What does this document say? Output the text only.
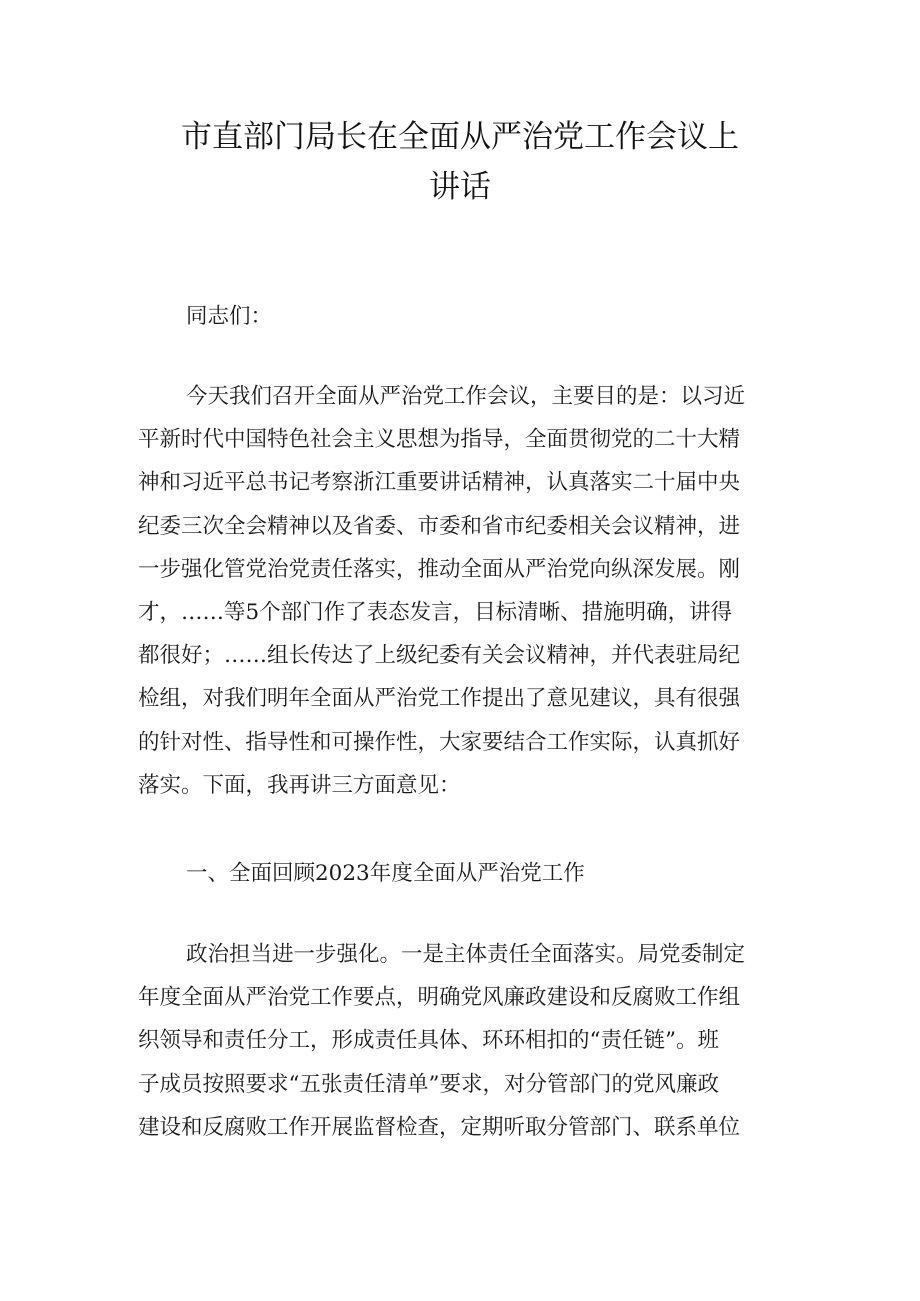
市直部门局长在全面从严治党工作会议上
讲话

同志们：

今天我们召开全面从严治党工作会议，主要目的是：以习近
平新时代中国特色社会主义思想为指导，全面贯彻党的二十大精
神和习近平总书记考察浙江重要讲话精神，认真落实二十届中央
纪委三次全会精神以及省委、市委和省市纪委相关会议精神，进
一步强化管党治党责任落实，推动全面从严治党向纵深发展。刚
才，……等5个部门作了表态发言，目标清晰、措施明确，讲得
都很好；……组长传达了上级纪委有关会议精神，并代表驻局纪
检组，对我们明年全面从严治党工作提出了意见建议，具有很强
的针对性、指导性和可操作性，大家要结合工作实际，认真抓好
落实。下面，我再讲三方面意见：

一、全面回顾2023年度全面从严治党工作

政治担当进一步强化。一是主体责任全面落实。局党委制定
年度全面从严治党工作要点，明确党风廉政建设和反腐败工作组
织领导和责任分工，形成责任具体、环环相扣的“责任链”。班
子成员按照要求“五张责任清单”要求，对分管部门的党风廉政
建设和反腐败工作开展监督检查，定期听取分管部门、联系单位
